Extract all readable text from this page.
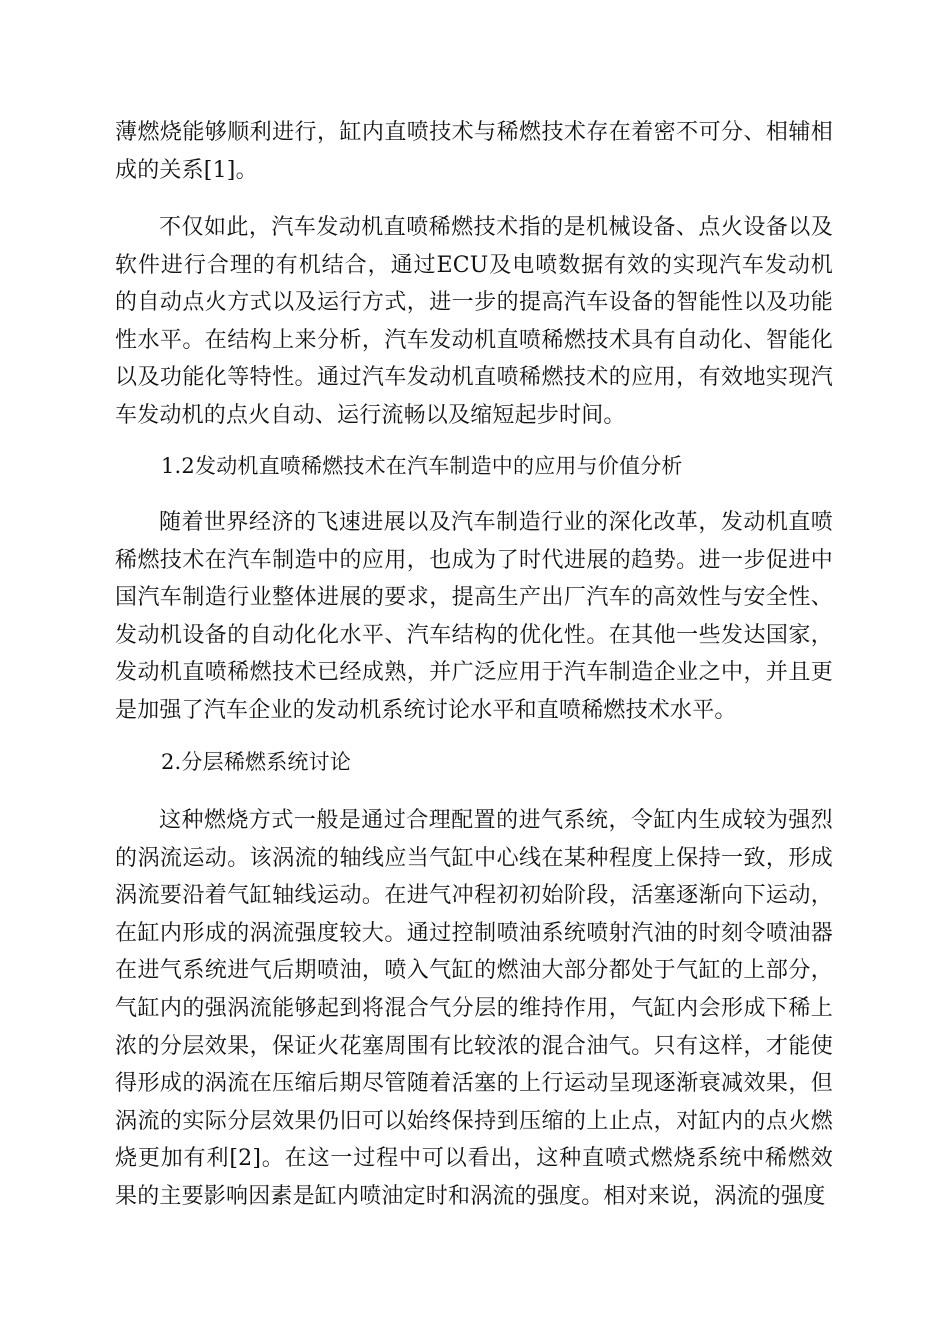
薄燃烧能够顺利进行，缸内直喷技术与稀燃技术存在着密不可分、相辅相成的关系[1]。

不仅如此，汽车发动机直喷稀燃技术指的是机械设备、点火设备以及软件进行合理的有机结合，通过ECU及电喷数据有效的实现汽车发动机的自动点火方式以及运行方式，进一步的提高汽车设备的智能性以及功能性水平。在结构上来分析，汽车发动机直喷稀燃技术具有自动化、智能化以及功能化等特性。通过汽车发动机直喷稀燃技术的应用，有效地实现汽车发动机的点火自动、运行流畅以及缩短起步时间。

1.2发动机直喷稀燃技术在汽车制造中的应用与价值分析

随着世界经济的飞速进展以及汽车制造行业的深化改革，发动机直喷稀燃技术在汽车制造中的应用，也成为了时代进展的趋势。进一步促进中国汽车制造行业整体进展的要求，提高生产出厂汽车的高效性与安全性、发动机设备的自动化化水平、汽车结构的优化性。在其他一些发达国家，发动机直喷稀燃技术已经成熟，并广泛应用于汽车制造企业之中，并且更是加强了汽车企业的发动机系统讨论水平和直喷稀燃技术水平。

2.分层稀燃系统讨论

这种燃烧方式一般是通过合理配置的进气系统，令缸内生成较为强烈的涡流运动。该涡流的轴线应当气缸中心线在某种程度上保持一致，形成涡流要沿着气缸轴线运动。在进气冲程初初始阶段，活塞逐渐向下运动，在缸内形成的涡流强度较大。通过控制喷油系统喷射汽油的时刻令喷油器在进气系统进气后期喷油，喷入气缸的燃油大部分都处于气缸的上部分，气缸内的强涡流能够起到将混合气分层的维持作用，气缸内会形成下稀上浓的分层效果，保证火花塞周围有比较浓的混合油气。只有这样，才能使得形成的涡流在压缩后期尽管随着活塞的上行运动呈现逐渐衰减效果，但涡流的实际分层效果仍旧可以始终保持到压缩的上止点，对缸内的点火燃烧更加有利[2]。在这一过程中可以看出，这种直喷式燃烧系统中稀燃效果的主要影响因素是缸内喷油定时和涡流的强度。相对来说，涡流的强度
